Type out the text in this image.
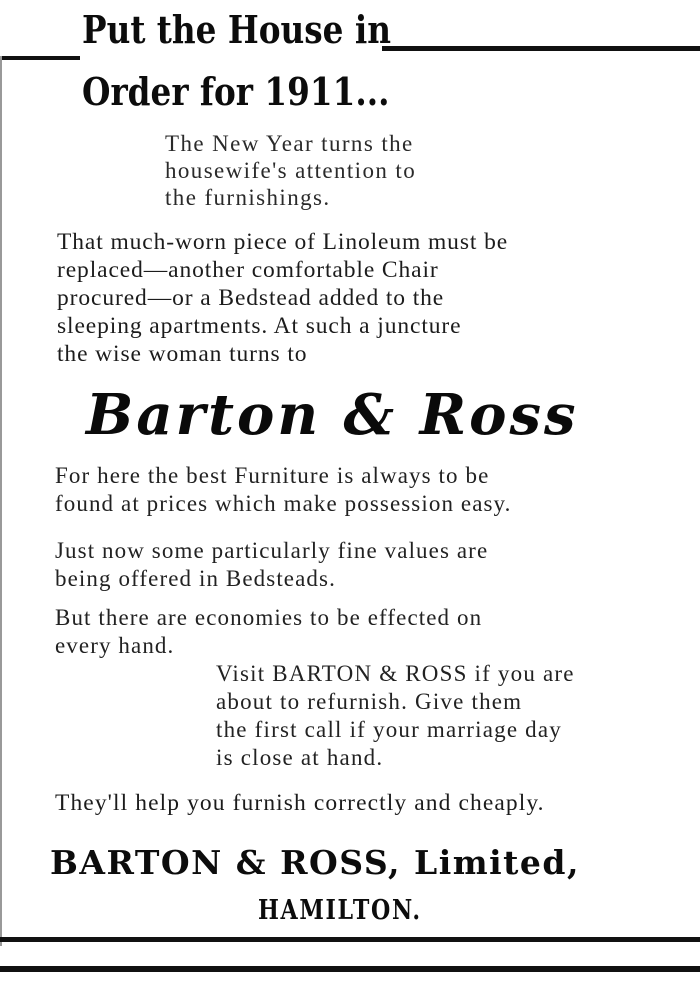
Put the House in
Order for 1911...
The New Year turns the
housewife's attention to
the furnishings.
That much-worn piece of Linoleum must be
replaced—another comfortable Chair
procured—or a Bedstead added to the
sleeping apartments. At such a juncture
the wise woman turns to
Barton & Ross
For here the best Furniture is always to be
found at prices which make possession easy.
Just now some particularly fine values are
being offered in Bedsteads.
But there are economies to be effected on
every hand.
Visit BARTON & ROSS if you are
about to refurnish. Give them
the first call if your marriage day
is close at hand.
They'll help you furnish correctly and cheaply.
BARTON & ROSS, Limited,
HAMILTON.
